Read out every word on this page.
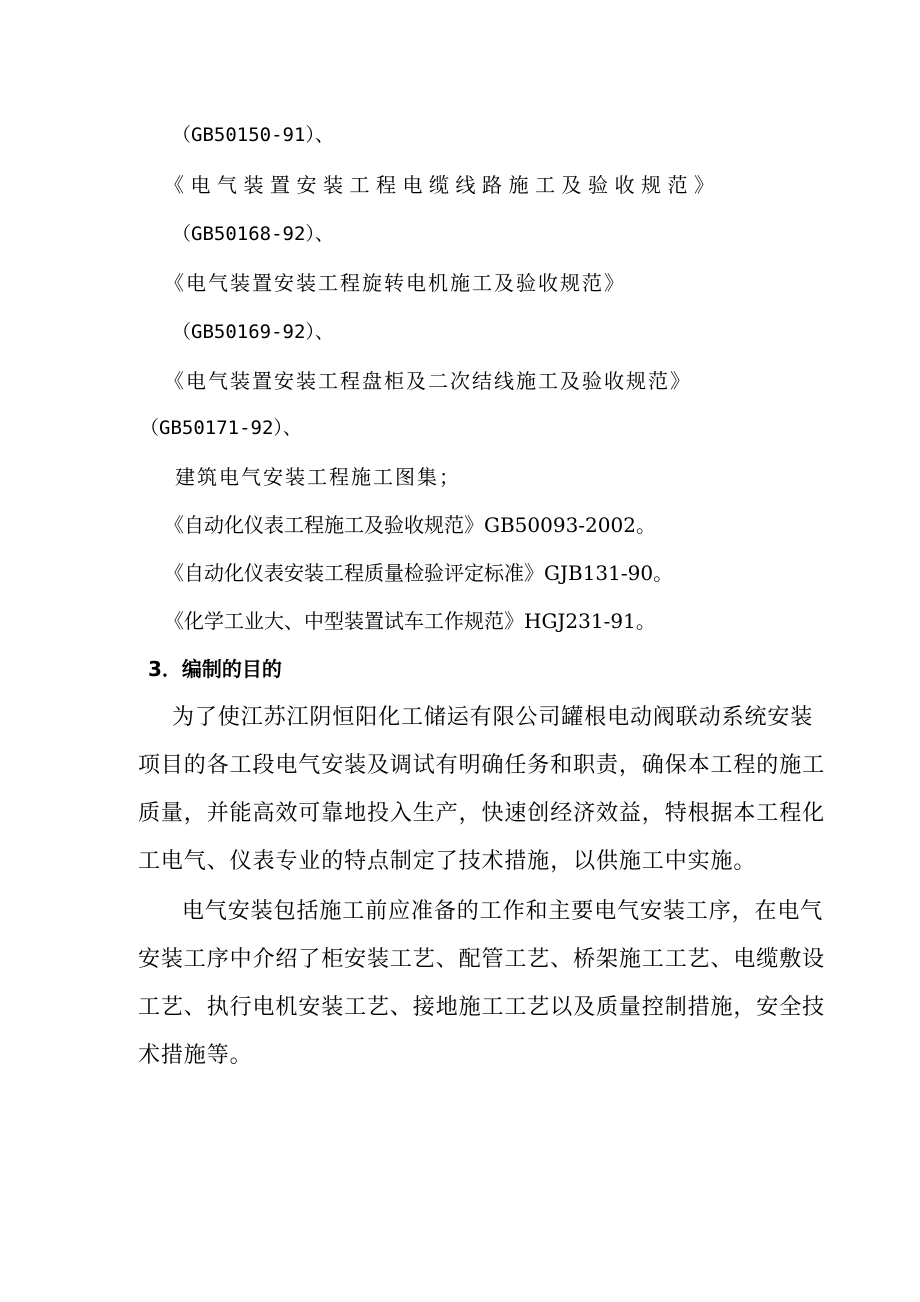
（GB50150-91）、
《电气装置安装工程电缆线路施工及验收规范》
（GB50168-92）、
《电气装置安装工程旋转电机施工及验收规范》
（GB50169-92）、
《电气装置安装工程盘柜及二次结线施工及验收规范》
（GB50171-92）、
建筑电气安装工程施工图集；
《自动化仪表工程施工及验收规范》GB50093-2002。
《自动化仪表安装工程质量检验评定标准》GJB131-90。
《化学工业大、中型装置试车工作规范》HGJ231-91。
3．编制的目的
为了使江苏江阴恒阳化工储运有限公司罐根电动阀联动系统安装
项目的各工段电气安装及调试有明确任务和职责，确保本工程的施工
质量，并能高效可靠地投入生产，快速创经济效益，特根据本工程化
工电气、仪表专业的特点制定了技术措施，以供施工中实施。
电气安装包括施工前应准备的工作和主要电气安装工序，在电气
安装工序中介绍了柜安装工艺、配管工艺、桥架施工工艺、电缆敷设
工艺、执行电机安装工艺、接地施工工艺以及质量控制措施，安全技
术措施等。
